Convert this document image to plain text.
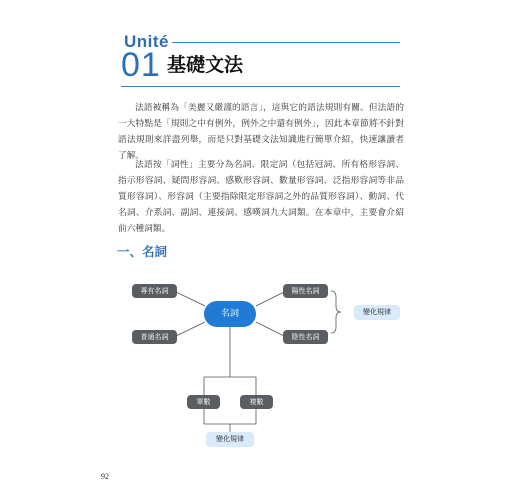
Unité
01 基礎文法

法語被稱為「美麗又嚴謹的語言」，這與它的語法規則有關。但法語的一大特點是「規則之中有例外，例外之中還有例外」，因此本章節將不針對語法規則來詳盡列舉，而是只對基礎文法知識進行簡單介紹，快速讓讀者了解。

法語按「詞性」主要分為名詞、限定詞（包括冠詞、所有格形容詞、指示形容詞、疑問形容詞、感歎形容詞、數量形容詞、泛指形容詞等非品質形容詞）、形容詞（主要指除限定形容詞之外的品質形容詞）、動詞、代名詞、介系詞、副詞、連接詞、感嘆詞九大詞類。在本章中，主要會介紹前六種詞類。

一、名詞
名詞
專有名詞
普通名詞
陽性名詞
陰性名詞
變化規律
單數	複數
變化規律
92
